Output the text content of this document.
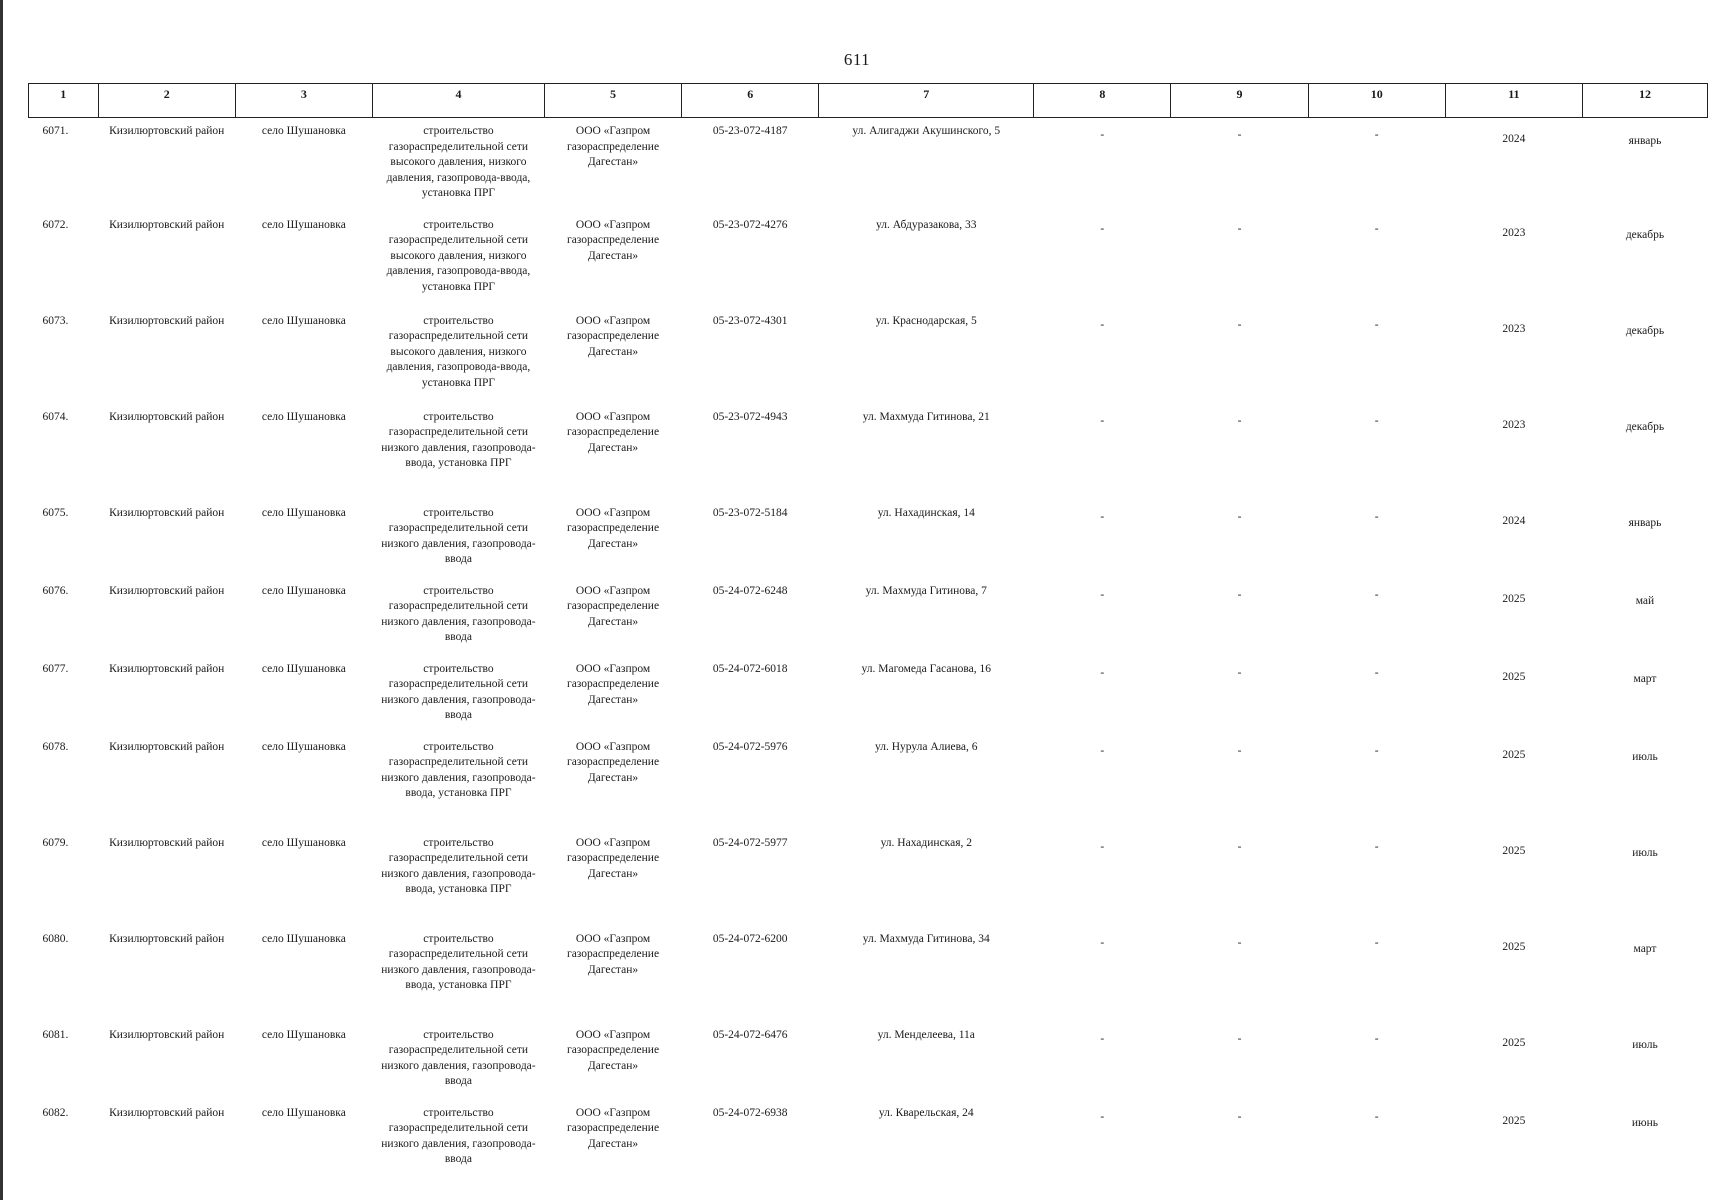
611
1	2	3	4	5	6	7	8	9	10	11	12
6071.	Кизилюртовский район	село Шушановка	строительство газораспределительной сети высокого давления, низкого давления, газопровода-ввода, установка ПРГ	ООО «Газпром газораспределение Дагестан»	05-23-072-4187	ул. Алигаджи Акушинского, 5	-	-	-	2024	январь
6072.	Кизилюртовский район	село Шушановка	строительство газораспределительной сети высокого давления, низкого давления, газопровода-ввода, установка ПРГ	ООО «Газпром газораспределение Дагестан»	05-23-072-4276	ул. Абдуразакова, 33	-	-	-	2023	декабрь
6073.	Кизилюртовский район	село Шушановка	строительство газораспределительной сети высокого давления, низкого давления, газопровода-ввода, установка ПРГ	ООО «Газпром газораспределение Дагестан»	05-23-072-4301	ул. Краснодарская, 5	-	-	-	2023	декабрь
6074.	Кизилюртовский район	село Шушановка	строительство газораспределительной сети низкого давления, газопровода-ввода, установка ПРГ	ООО «Газпром газораспределение Дагестан»	05-23-072-4943	ул. Махмуда Гитинова, 21	-	-	-	2023	декабрь
6075.	Кизилюртовский район	село Шушановка	строительство газораспределительной сети низкого давления, газопровода-ввода	ООО «Газпром газораспределение Дагестан»	05-23-072-5184	ул. Нахадинская, 14	-	-	-	2024	январь
6076.	Кизилюртовский район	село Шушановка	строительство газораспределительной сети низкого давления, газопровода-ввода	ООО «Газпром газораспределение Дагестан»	05-24-072-6248	ул. Махмуда Гитинова, 7	-	-	-	2025	май
6077.	Кизилюртовский район	село Шушановка	строительство газораспределительной сети низкого давления, газопровода-ввода	ООО «Газпром газораспределение Дагестан»	05-24-072-6018	ул. Магомеда Гасанова, 16	-	-	-	2025	март
6078.	Кизилюртовский район	село Шушановка	строительство газораспределительной сети низкого давления, газопровода-ввода, установка ПРГ	ООО «Газпром газораспределение Дагестан»	05-24-072-5976	ул. Нурула Алиева, 6	-	-	-	2025	июль
6079.	Кизилюртовский район	село Шушановка	строительство газораспределительной сети низкого давления, газопровода-ввода, установка ПРГ	ООО «Газпром газораспределение Дагестан»	05-24-072-5977	ул. Нахадинская, 2	-	-	-	2025	июль
6080.	Кизилюртовский район	село Шушановка	строительство газораспределительной сети низкого давления, газопровода-ввода, установка ПРГ	ООО «Газпром газораспределение Дагестан»	05-24-072-6200	ул. Махмуда Гитинова, 34	-	-	-	2025	март
6081.	Кизилюртовский район	село Шушановка	строительство газораспределительной сети низкого давления, газопровода-ввода	ООО «Газпром газораспределение Дагестан»	05-24-072-6476	ул. Менделеева, 11а	-	-	-	2025	июль
6082.	Кизилюртовский район	село Шушановка	строительство газораспределительной сети низкого давления, газопровода-ввода	ООО «Газпром газораспределение Дагестан»	05-24-072-6938	ул. Кварельская, 24	-	-	-	2025	июнь
